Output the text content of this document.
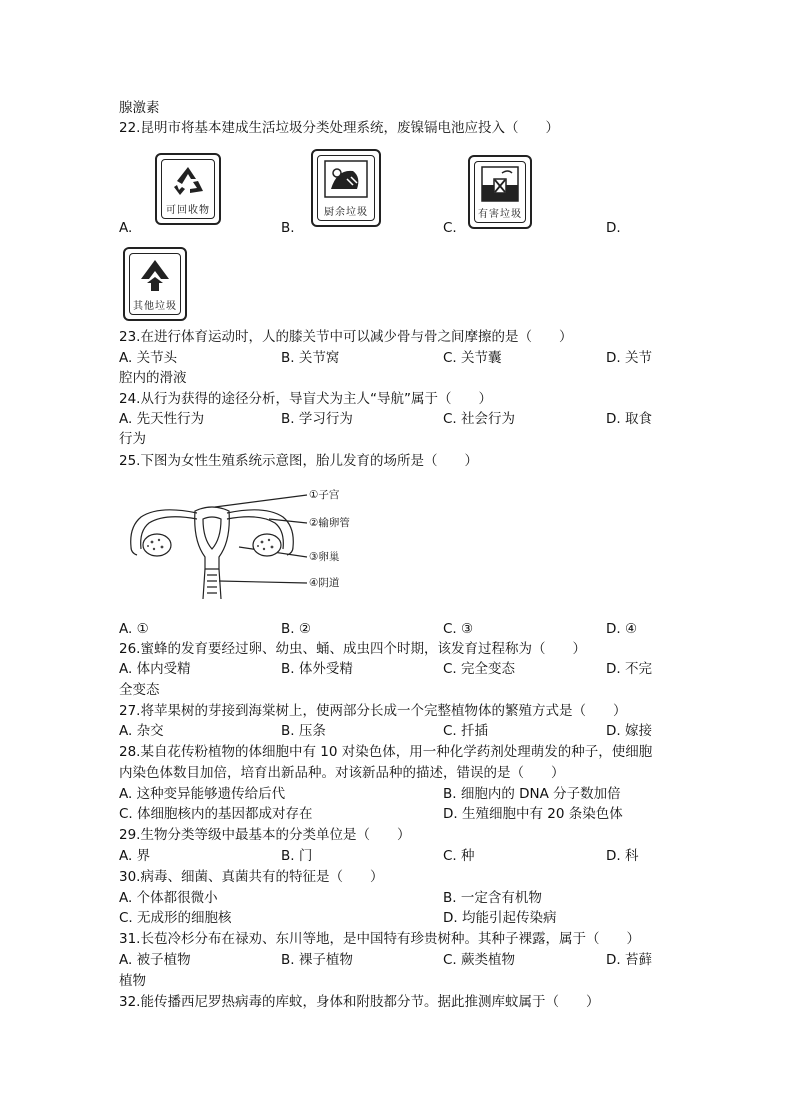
腺激素
22.昆明市将基本建成生活垃圾分类处理系统，废镍镉电池应投入（　　）
可回收物	厨余垃圾	有害垃圾
A.	B.	C.	D.
其他垃圾
23.在进行体育运动时，人的膝关节中可以减少骨与骨之间摩擦的是（　　）
A. 关节头	B. 关节窝	C. 关节囊	D. 关节
腔内的滑液
24.从行为获得的途径分析，导盲犬为主人“导航”属于（　　）
A. 先天性行为	B. 学习行为	C. 社会行为	D. 取食
行为
25.下图为女性生殖系统示意图，胎儿发育的场所是（　　）
①子宫
②输卵管
③卵巢
④阴道
A. ①	B. ②	C. ③	D. ④
26.蜜蜂的发育要经过卵、幼虫、蛹、成虫四个时期，该发育过程称为（　　）
A. 体内受精	B. 体外受精	C. 完全变态	D. 不完
全变态
27.将苹果树的芽接到海棠树上，使两部分长成一个完整植物体的繁殖方式是（　　）
A. 杂交	B. 压条	C. 扦插	D. 嫁接
28.某自花传粉植物的体细胞中有 10 对染色体，用一种化学药剂处理萌发的种子，使细胞
内染色体数目加倍，培育出新品种。对该新品种的描述，错误的是（　　）
A. 这种变异能够遗传给后代	B. 细胞内的 DNA 分子数加倍
C. 体细胞核内的基因都成对存在	D. 生殖细胞中有 20 条染色体
29.生物分类等级中最基本的分类单位是（　　）
A. 界	B. 门	C. 种	D. 科
30.病毒、细菌、真菌共有的特征是（　　）
A. 个体都很微小	B. 一定含有机物
C. 无成形的细胞核	D. 均能引起传染病
31.长苞冷杉分布在禄劝、东川等地，是中国特有珍贵树种。其种子裸露，属于（　　）
A. 被子植物	B. 裸子植物	C. 蕨类植物	D. 苔藓
植物
32.能传播西尼罗热病毒的库蚊，身体和附肢都分节。据此推测库蚊属于（　　）
